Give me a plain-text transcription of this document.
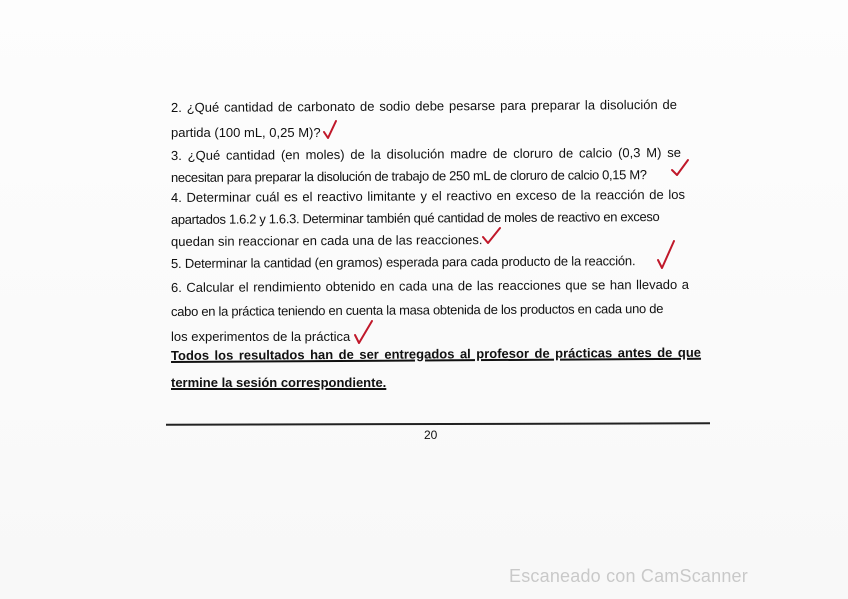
2. ¿Qué cantidad de carbonato de sodio debe pesarse para preparar la disolución de
partida (100 mL, 0,25 M)?
3. ¿Qué cantidad (en moles) de la disolución madre de cloruro de calcio (0,3 M) se
necesitan para preparar la disolución de trabajo de 250 mL de cloruro de calcio 0,15 M?
4. Determinar cuál es el reactivo limitante y el reactivo en exceso de la reacción de los
apartados 1.6.2 y 1.6.3. Determinar también qué cantidad de moles de reactivo en exceso
quedan sin reaccionar en cada una de las reacciones.
5. Determinar la cantidad (en gramos) esperada para cada producto de la reacción.
6. Calcular el rendimiento obtenido en cada una de las reacciones que se han llevado a
cabo en la práctica teniendo en cuenta la masa obtenida de los productos en cada uno de
los experimentos de la práctica
Todos los resultados han de ser entregados al profesor de prácticas antes de que
termine la sesión correspondiente.
20
Escaneado con CamScanner
